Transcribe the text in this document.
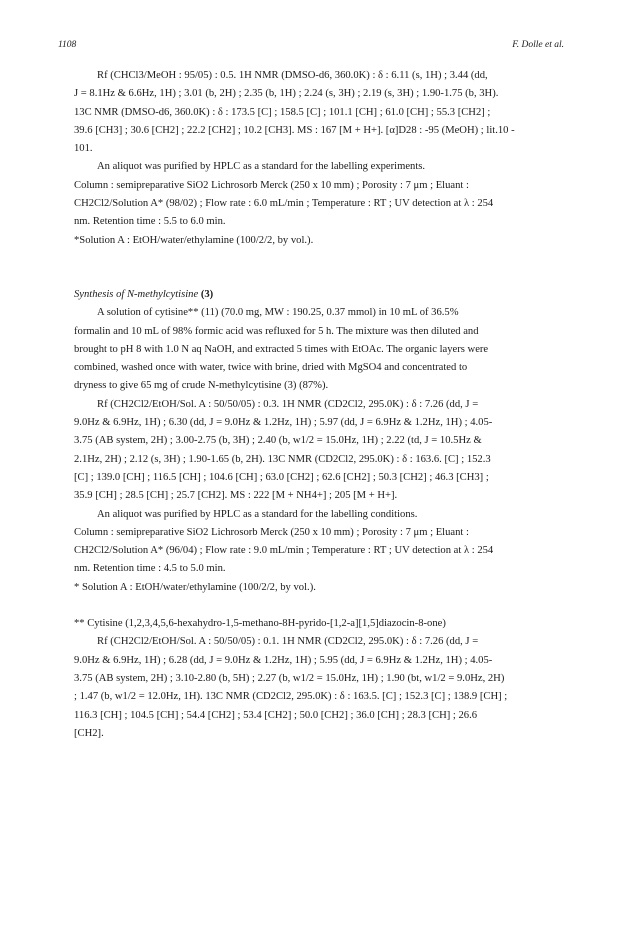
1108	F. Dolle et al.
Rf (CHCl3/MeOH : 95/05) : 0.5. 1H NMR (DMSO-d6, 360.0K) : δ : 6.11 (s, 1H) ; 3.44 (dd,
J = 8.1Hz & 6.6Hz, 1H) ; 3.01 (b, 2H) ; 2.35 (b, 1H) ; 2.24 (s, 3H) ; 2.19 (s, 3H) ; 1.90-1.75 (b, 3H).
13C NMR (DMSO-d6, 360.0K) : δ : 173.5 [C] ; 158.5 [C] ; 101.1 [CH] ; 61.0 [CH] ; 55.3 [CH2] ;
39.6 [CH3] ; 30.6 [CH2] ; 22.2 [CH2] ; 10.2 [CH3]. MS : 167 [M + H+]. [α]D28 : -95 (MeOH) ; lit.10 -
101.
An aliquot was purified by HPLC as a standard for the labelling experiments.
Column : semipreparative SiO2 Lichrosorb Merck (250 x 10 mm) ; Porosity : 7 μm ; Eluant :
CH2Cl2/Solution A* (98/02) ; Flow rate : 6.0 mL/min ; Temperature : RT ; UV detection at λ : 254
nm. Retention time : 5.5 to 6.0 min.
*Solution A : EtOH/water/ethylamine (100/2/2, by vol.).
Synthesis of N-methylcytisine (3)
A solution of cytisine** (11) (70.0 mg, MW : 190.25, 0.37 mmol) in 10 mL of 36.5%
formalin and 10 mL of 98% formic acid was refluxed for 5 h. The mixture was then diluted and
brought to pH 8 with 1.0 N aq NaOH, and extracted 5 times with EtOAc. The organic layers were
combined, washed once with water, twice with brine, dried with MgSO4 and concentrated to
dryness to give 65 mg of crude N-methylcytisine (3) (87%).
Rf (CH2Cl2/EtOH/Sol. A : 50/50/05) : 0.3. 1H NMR (CD2Cl2, 295.0K) : δ : 7.26 (dd, J =
9.0Hz & 6.9Hz, 1H) ; 6.30 (dd, J = 9.0Hz & 1.2Hz, 1H) ; 5.97 (dd, J = 6.9Hz & 1.2Hz, 1H) ; 4.05-
3.75 (AB system, 2H) ; 3.00-2.75 (b, 3H) ; 2.40 (b, w1/2 = 15.0Hz, 1H) ; 2.22 (td, J = 10.5Hz &
2.1Hz, 2H) ; 2.12 (s, 3H) ; 1.90-1.65 (b, 2H). 13C NMR (CD2Cl2, 295.0K) : δ : 163.6. [C] ; 152.3
[C] ; 139.0 [CH] ; 116.5 [CH] ; 104.6 [CH] ; 63.0 [CH2] ; 62.6 [CH2] ; 50.3 [CH2] ; 46.3 [CH3] ;
35.9 [CH] ; 28.5 [CH] ; 25.7 [CH2]. MS : 222 [M + NH4+] ; 205 [M + H+].
An aliquot was purified by HPLC as a standard for the labelling conditions.
Column : semipreparative SiO2 Lichrosorb Merck (250 x 10 mm) ; Porosity : 7 μm ; Eluant :
CH2Cl2/Solution A* (96/04) ; Flow rate : 9.0 mL/min ; Temperature : RT ; UV detection at λ : 254
nm. Retention time : 4.5 to 5.0 min.
* Solution A : EtOH/water/ethylamine (100/2/2, by vol.).
** Cytisine (1,2,3,4,5,6-hexahydro-1,5-methano-8H-pyrido-[1,2-a][1,5]diazocin-8-one)
Rf (CH2Cl2/EtOH/Sol. A : 50/50/05) : 0.1. 1H NMR (CD2Cl2, 295.0K) : δ : 7.26 (dd, J =
9.0Hz & 6.9Hz, 1H) ; 6.28 (dd, J = 9.0Hz & 1.2Hz, 1H) ; 5.95 (dd, J = 6.9Hz & 1.2Hz, 1H) ; 4.05-
3.75 (AB system, 2H) ; 3.10-2.80 (b, 5H) ; 2.27 (b, w1/2 = 15.0Hz, 1H) ; 1.90 (bt, w1/2 = 9.0Hz, 2H)
; 1.47 (b, w1/2 = 12.0Hz, 1H). 13C NMR (CD2Cl2, 295.0K) : δ : 163.5. [C] ; 152.3 [C] ; 138.9 [CH] ;
116.3 [CH] ; 104.5 [CH] ; 54.4 [CH2] ; 53.4 [CH2] ; 50.0 [CH2] ; 36.0 [CH] ; 28.3 [CH] ; 26.6
[CH2].
